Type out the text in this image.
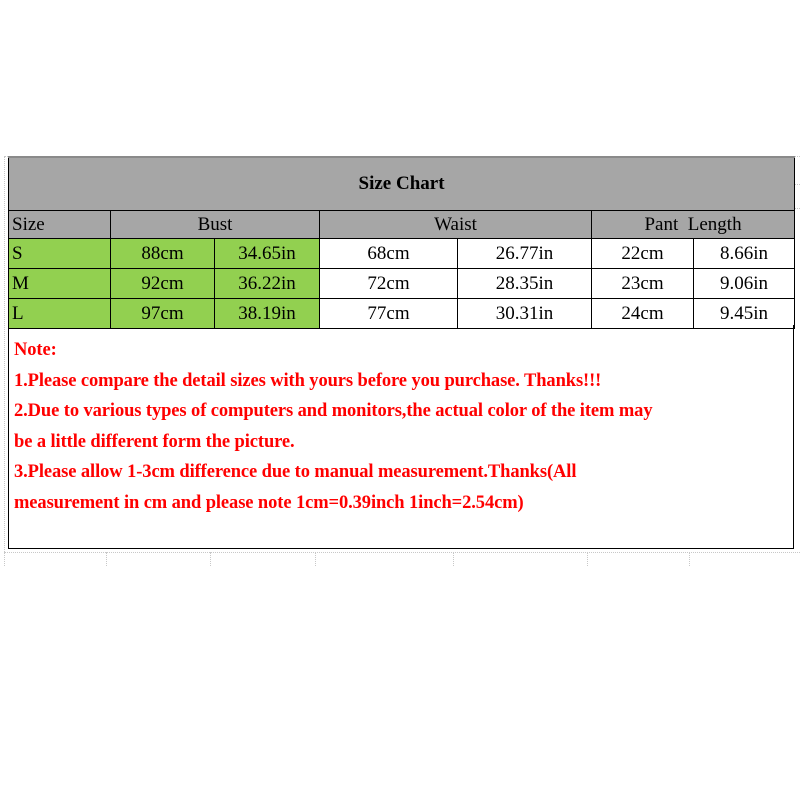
Size Chart						
Size	Bust		Waist		Pant  Length	
S	88cm	34.65in	68cm	26.77in	22cm	8.66in
M	92cm	36.22in	72cm	28.35in	23cm	9.06in
L	97cm	38.19in	77cm	30.31in	24cm	9.45in
Note:
1.Please compare the detail sizes with yours before you purchase. Thanks!!!
2.Due to various types of computers and monitors,the actual color of the item may
be a little different form the picture.
3.Please allow 1-3cm difference due to manual measurement.Thanks(All
measurement in cm and please note 1cm=0.39inch 1inch=2.54cm)
